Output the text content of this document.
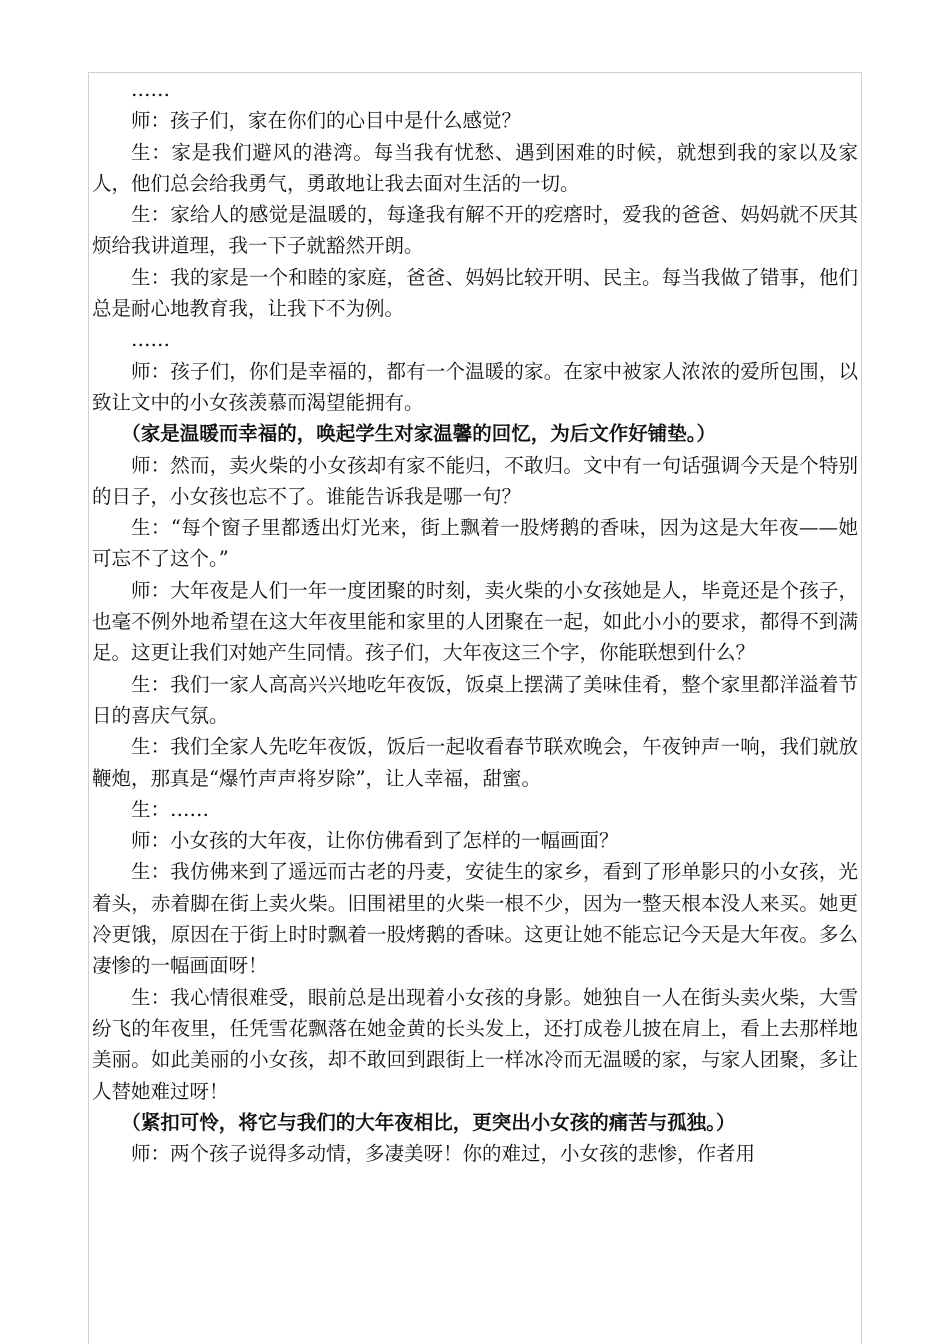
……

师：孩子们，家在你们的心目中是什么感觉？

生：家是我们避风的港湾。每当我有忧愁、遇到困难的时候，就想到我的家以及家人，他们总会给我勇气，勇敢地让我去面对生活的一切。

生：家给人的感觉是温暖的，每逢我有解不开的疙瘩时，爱我的爸爸、妈妈就不厌其烦给我讲道理，我一下子就豁然开朗。

生：我的家是一个和睦的家庭，爸爸、妈妈比较开明、民主。每当我做了错事，他们总是耐心地教育我，让我下不为例。

……

师：孩子们，你们是幸福的，都有一个温暖的家。在家中被家人浓浓的爱所包围，以致让文中的小女孩羡慕而渴望能拥有。

（家是温暖而幸福的，唤起学生对家温馨的回忆，为后文作好铺垫。）

师：然而，卖火柴的小女孩却有家不能归，不敢归。文中有一句话强调今天是个特别的日子，小女孩也忘不了。谁能告诉我是哪一句？

生：“每个窗子里都透出灯光来，街上飘着一股烤鹅的香味，因为这是大年夜——她可忘不了这个。”

师：大年夜是人们一年一度团聚的时刻，卖火柴的小女孩她是人，毕竟还是个孩子，也毫不例外地希望在这大年夜里能和家里的人团聚在一起，如此小小的要求，都得不到满足。这更让我们对她产生同情。孩子们，大年夜这三个字，你能联想到什么？

生：我们一家人高高兴兴地吃年夜饭，饭桌上摆满了美味佳肴，整个家里都洋溢着节日的喜庆气氛。

生：我们全家人先吃年夜饭，饭后一起收看春节联欢晚会，午夜钟声一响，我们就放鞭炮，那真是“爆竹声声将岁除”，让人幸福，甜蜜。

生：……

师：小女孩的大年夜，让你仿佛看到了怎样的一幅画面？

生：我仿佛来到了遥远而古老的丹麦，安徒生的家乡，看到了形单影只的小女孩，光着头，赤着脚在街上卖火柴。旧围裙里的火柴一根不少，因为一整天根本没人来买。她更冷更饿，原因在于街上时时飘着一股烤鹅的香味。这更让她不能忘记今天是大年夜。多么凄惨的一幅画面呀！

生：我心情很难受，眼前总是出现着小女孩的身影。她独自一人在街头卖火柴，大雪纷飞的年夜里，任凭雪花飘落在她金黄的长头发上，还打成卷儿披在肩上，看上去那样地美丽。如此美丽的小女孩，却不敢回到跟街上一样冰冷而无温暖的家，与家人团聚，多让人替她难过呀！

（紧扣可怜，将它与我们的大年夜相比，更突出小女孩的痛苦与孤独。）

师：两个孩子说得多动情，多凄美呀！你的难过，小女孩的悲惨，作者用
